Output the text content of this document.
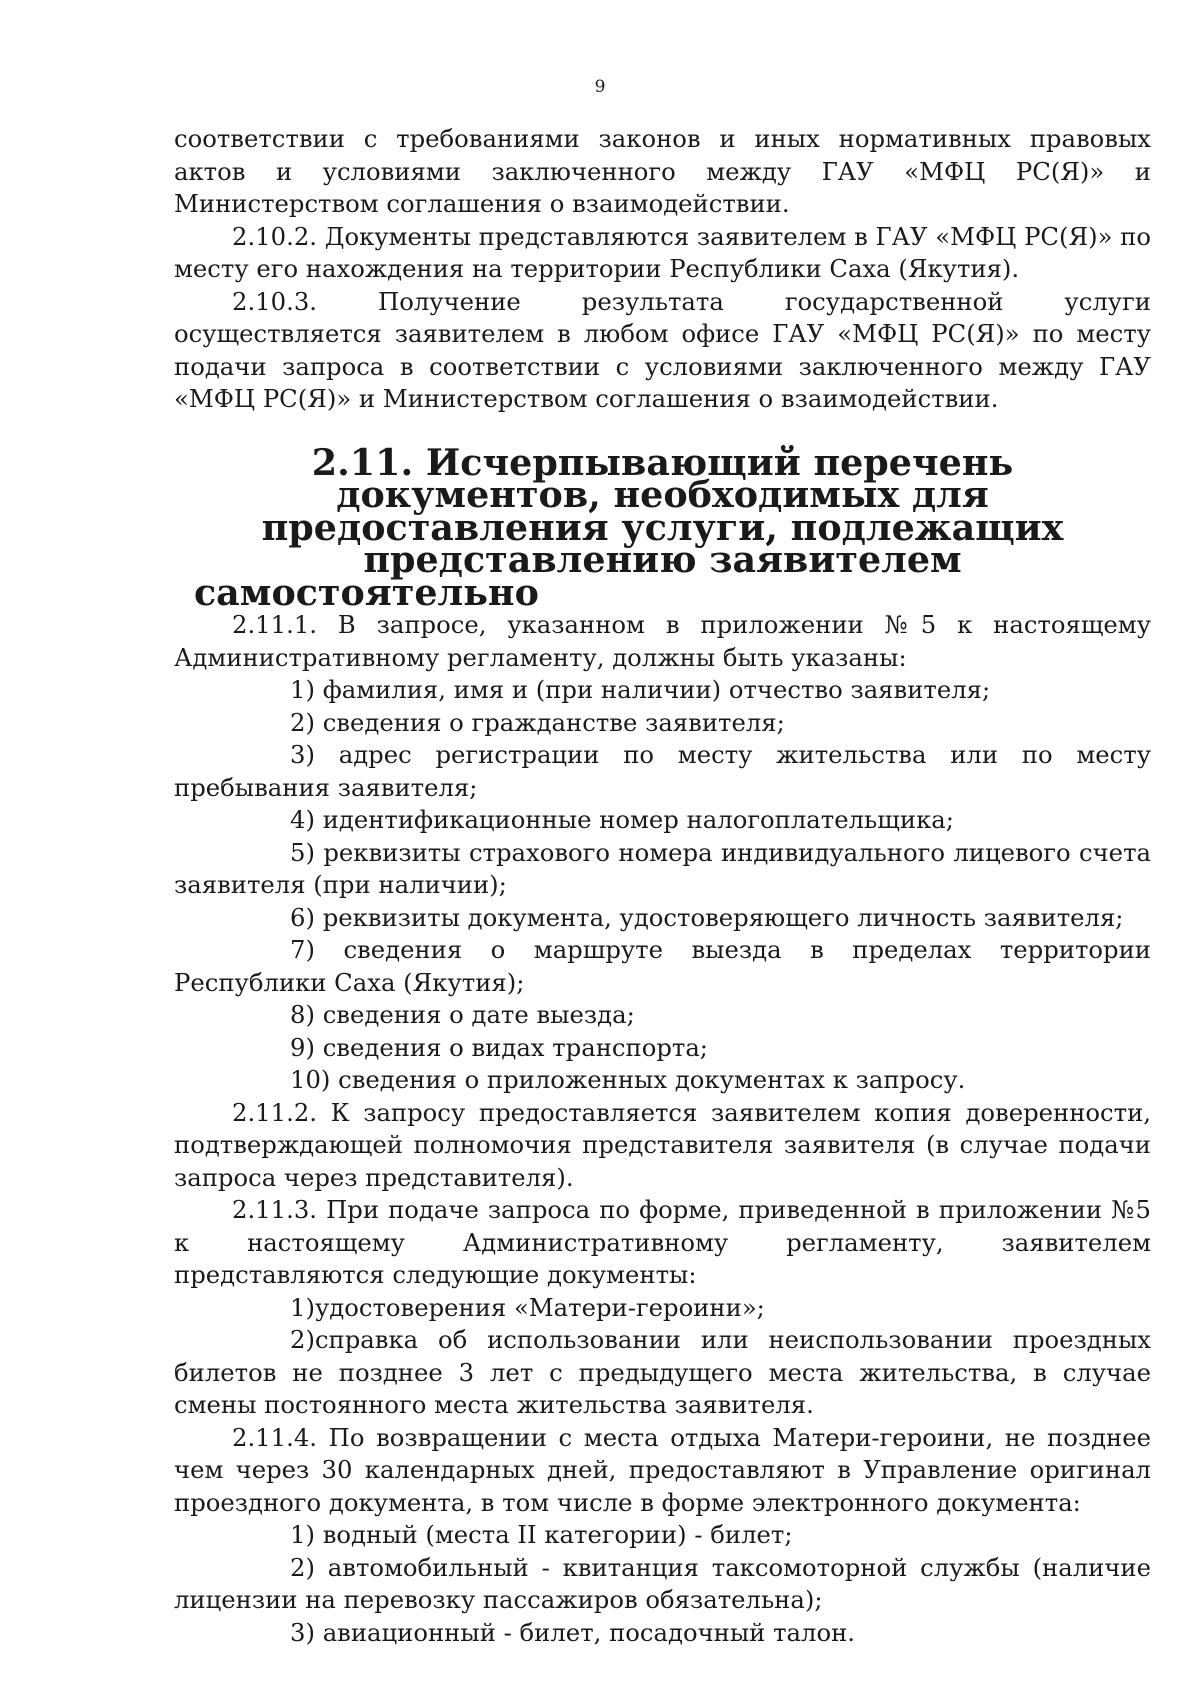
9

соответствии с требованиями законов и иных нормативных правовых актов и условиями заключенного между ГАУ «МФЦ РС(Я)» и Министерством соглашения о взаимодействии.

2.10.2. Документы представляются заявителем в ГАУ «МФЦ РС(Я)» по месту его нахождения на территории Республики Саха (Якутия).

2.10.3. Получение результата государственной услуги осуществляется заявителем в любом офисе ГАУ «МФЦ РС(Я)» по месту подачи запроса в соответствии с условиями заключенного между ГАУ «МФЦ РС(Я)» и Министерством соглашения о взаимодействии.

2.11. Исчерпывающий перечень документов, необходимых для предоставления услуги, подлежащих представлению заявителем самостоятельно

2.11.1. В запросе, указанном в приложении №5 к настоящему Административному регламенту, должны быть указаны:

1) фамилия, имя и (при наличии) отчество заявителя;

2) сведения о гражданстве заявителя;

3) адрес регистрации по месту жительства или по месту пребывания заявителя;

4) идентификационные номер налогоплательщика;

5) реквизиты страхового номера индивидуального лицевого счета заявителя (при наличии);

6) реквизиты документа, удостоверяющего личность заявителя;

7) сведения о маршруте выезда в пределах территории Республики Саха (Якутия);

8) сведения о дате выезда;

9) сведения о видах транспорта;

10) сведения о приложенных документах к запросу.

2.11.2. К запросу предоставляется заявителем копия доверенности, подтверждающей полномочия представителя заявителя (в случае подачи запроса через представителя).

2.11.3. При подаче запроса по форме, приведенной в приложении №5 к настоящему Административному регламенту, заявителем представляются следующие документы:

1)удостоверения «Матери-героини»;

2)справка об использовании или неиспользовании проездных билетов не позднее 3 лет с предыдущего места жительства, в случае смены постоянного места жительства заявителя.

2.11.4. По возвращении с места отдыха Матери-героини, не позднее чем через 30 календарных дней, предоставляют в Управление оригинал проездного документа, в том числе в форме электронного документа:

1) водный (места II категории) - билет;

2) автомобильный - квитанция таксомоторной службы (наличие лицензии на перевозку пассажиров обязательна);

3) авиационный - билет, посадочный талон.
